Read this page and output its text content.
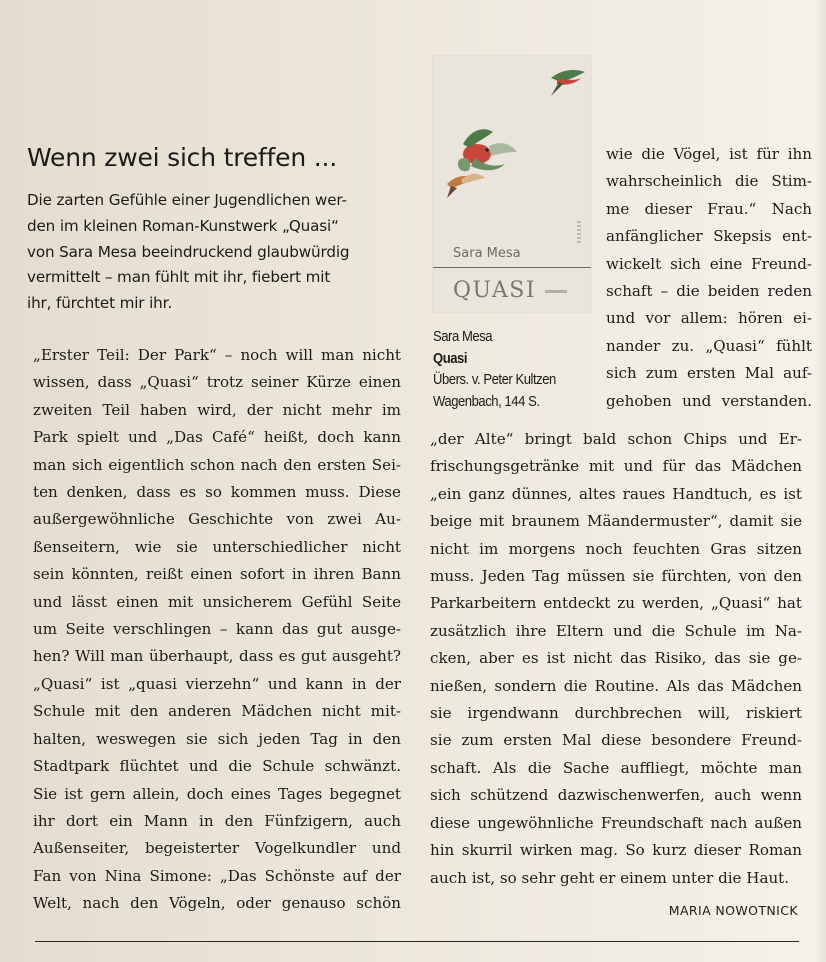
Wenn zwei sich treffen ...
Die zarten Gefühle einer Jugendlichen wer-
den im kleinen Roman-Kunstwerk „Quasi“
von Sara Mesa beeindruckend glaubwürdig
vermittelt – man fühlt mit ihr, fiebert mit
ihr, fürchtet mir ihr.
Sara Mesa
QUASI
Sara Mesa
Quasi
Übers. v. Peter Kultzen
Wagenbach, 144 S.
„Erster Teil: Der Park“ – noch will man nicht
wissen, dass „Quasi“ trotz seiner Kürze einen
zweiten Teil haben wird, der nicht mehr im
Park spielt und „Das Café“ heißt, doch kann
man sich eigentlich schon nach den ersten Sei-
ten denken, dass es so kommen muss. Diese
außergewöhnliche Geschichte von zwei Au-
ßenseitern, wie sie unterschiedlicher nicht
sein könnten, reißt einen sofort in ihren Bann
und lässt einen mit unsicherem Gefühl Seite
um Seite verschlingen – kann das gut ausge-
hen? Will man überhaupt, dass es gut ausgeht?
„Quasi“ ist „quasi vierzehn“ und kann in der
Schule mit den anderen Mädchen nicht mit-
halten, weswegen sie sich jeden Tag in den
Stadtpark flüchtet und die Schule schwänzt.
Sie ist gern allein, doch eines Tages begegnet
ihr dort ein Mann in den Fünfzigern, auch
Außenseiter, begeisterter Vogelkundler und
Fan von Nina Simone: „Das Schönste auf der
Welt, nach den Vögeln, oder genauso schön
wie die Vögel, ist für ihn
wahrscheinlich die Stim-
me dieser Frau.“ Nach
anfänglicher Skepsis ent-
wickelt sich eine Freund-
schaft – die beiden reden
und vor allem: hören ei-
nander zu. „Quasi“ fühlt
sich zum ersten Mal auf-
gehoben und verstanden.
„der Alte“ bringt bald schon Chips und Er-
frischungsgetränke mit und für das Mädchen
„ein ganz dünnes, altes raues Handtuch, es ist
beige mit braunem Mäandermuster“, damit sie
nicht im morgens noch feuchten Gras sitzen
muss. Jeden Tag müssen sie fürchten, von den
Parkarbeitern entdeckt zu werden, „Quasi“ hat
zusätzlich ihre Eltern und die Schule im Na-
cken, aber es ist nicht das Risiko, das sie ge-
nießen, sondern die Routine. Als das Mädchen
sie irgendwann durchbrechen will, riskiert
sie zum ersten Mal diese besondere Freund-
schaft. Als die Sache auffliegt, möchte man
sich schützend dazwischenwerfen, auch wenn
diese ungewöhnliche Freundschaft nach außen
hin skurril wirken mag. So kurz dieser Roman
auch ist, so sehr geht er einem unter die Haut.
MARIA NOWOTNICK
